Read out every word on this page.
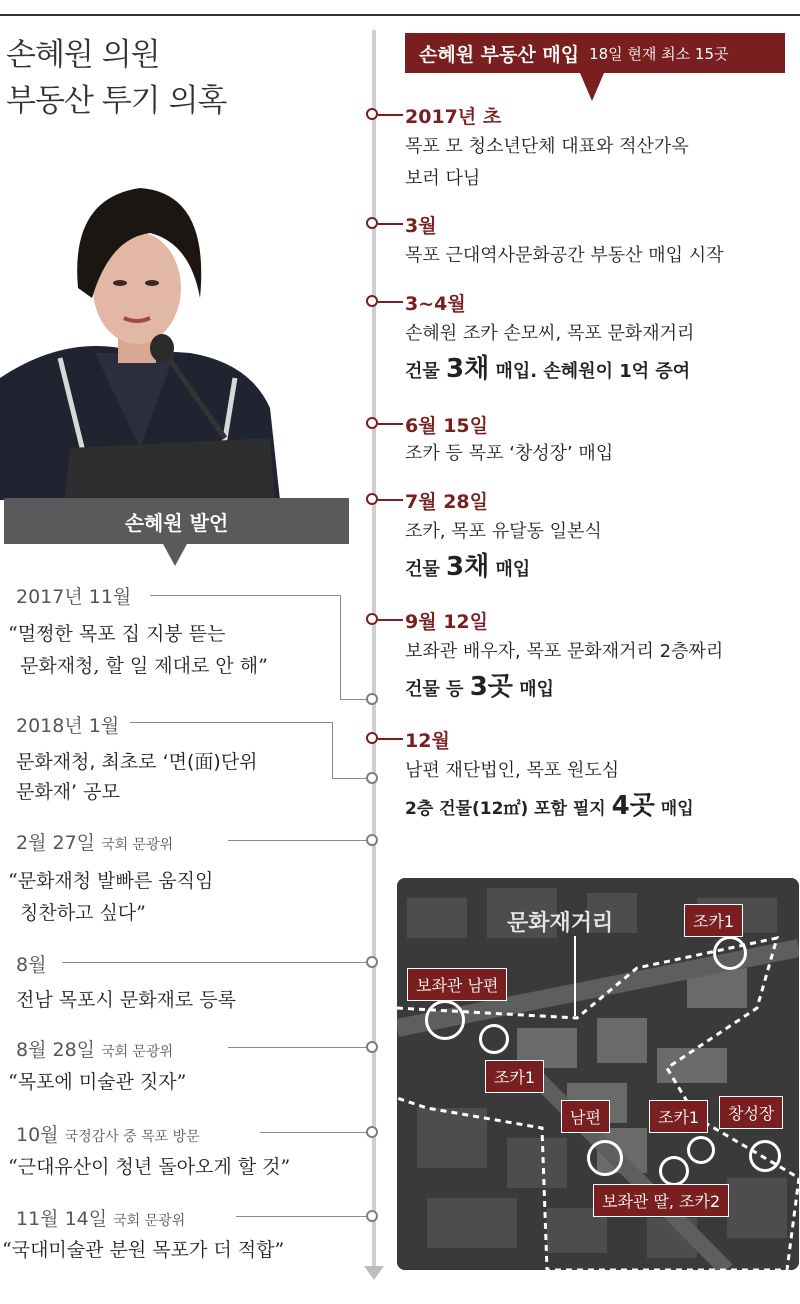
손혜원 의원
부동산 투기 의혹
손혜원 발언
손혜원 부동산 매입 18일 현재 최소 15곳
2017년 초
목포 모 청소년단체 대표와 적산가옥
보러 다님
3월
목포 근대역사문화공간 부동산 매입 시작
3~4월
손혜원 조카 손모씨, 목포 문화재거리
건물 3채 매입. 손혜원이 1억 증여
6월 15일
조카 등 목포 ‘창성장’ 매입
7월 28일
조카, 목포 유달동 일본식
건물 3채 매입
9월 12일
보좌관 배우자, 목포 문화재거리 2층짜리
건물 등 3곳 매입
12월
남편 재단법인, 목포 원도심
2층 건물(12㎡) 포함 필지 4곳 매입
2017년 11월
“멀쩡한 목포 집 지붕 뜯는
문화재청, 할 일 제대로 안 해”
2018년 1월
문화재청, 최초로 ‘면(面)단위
문화재’ 공모
2월 27일 국회 문광위
“문화재청 발빠른 움직임
칭찬하고 싶다”
8월
전남 목포시 문화재로 등록
8월 28일 국회 문광위
“목포에 미술관 짓자”
10월 국정감사 중 목포 방문
“근대유산이 청년 돌아오게 할 것”
11월 14일 국회 문광위
“국대미술관 분원 목포가 더 적합”
문화재거리	조카1
보좌관 남편
조카1
남편	조카1	창성장
보좌관 딸, 조카2
